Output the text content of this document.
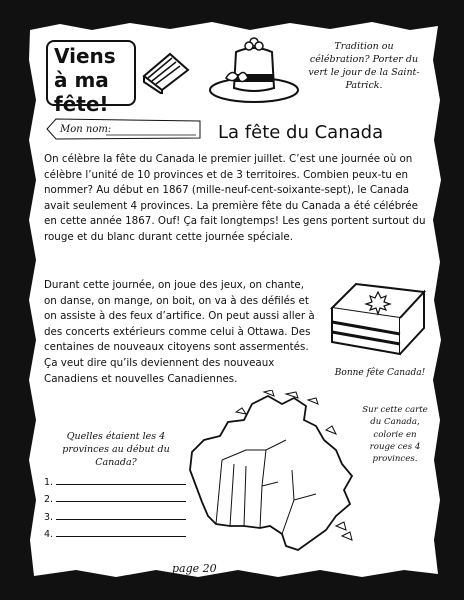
Viens à ma fête!
Tradition ou célébration? Porter du vert le jour de la Saint-Patrick.
Mon nom:	La fête du Canada
On célèbre la fête du Canada le premier juillet. C’est une journée où on célèbre l’unité de 10 provinces et de 3 territoires. Combien peux-tu en nommer? Au début en 1867 (mille-neuf-cent-soixante-sept), le Canada avait seulement 4 provinces. La première fête du Canada a été célébrée en cette année 1867. Ouf! Ça fait longtemps! Les gens portent surtout du rouge et du blanc durant cette journée spéciale.
Durant cette journée, on joue des jeux, on chante, on danse, on mange, on boit, on va à des défilés et on assiste à des feux d’artifice. On peut aussi aller à des concerts extérieurs comme celui à Ottawa. Des centaines de nouveaux citoyens sont assermentés. Ça veut dire qu’ils deviennent des nouveaux Canadiens et nouvelles Canadiennes.	Bonne fête Canada!
Quelles étaient les 4 provinces au début du Canada?
1.
2.
3.
4.
Sur cette carte du Canada, colorie en rouge ces 4 provinces.
page 20
